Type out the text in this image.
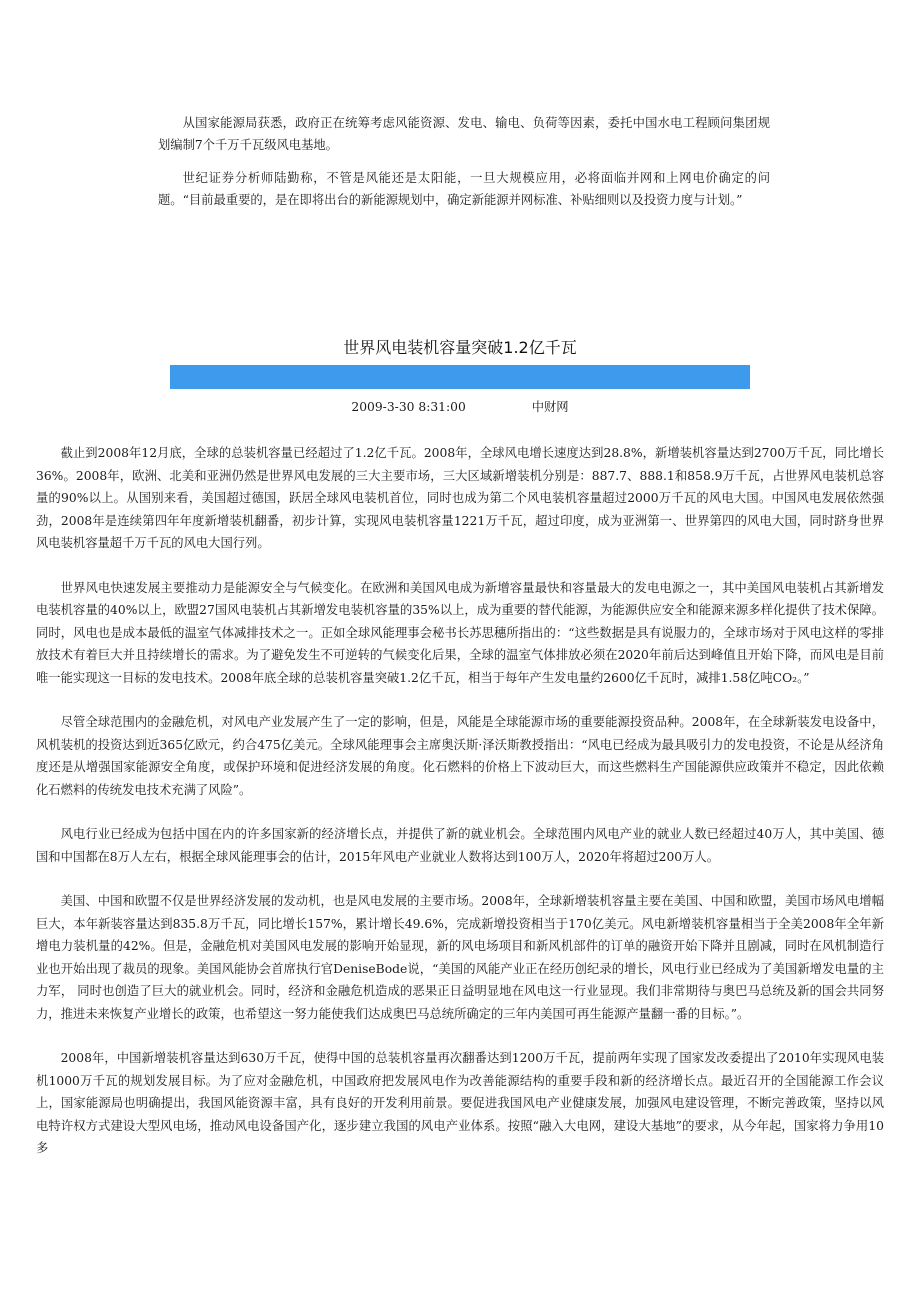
从国家能源局获悉，政府正在统筹考虑风能资源、发电、输电、负荷等因素，委托中国水电工程顾问集团规划编制7个千万千瓦级风电基地。

世纪证券分析师陆勤称，不管是风能还是太阳能，一旦大规模应用，必将面临并网和上网电价确定的问题。“目前最重要的，是在即将出台的新能源规划中，确定新能源并网标准、补贴细则以及投资力度与计划。”

世界风电装机容量突破1.2亿千瓦
2009-3-30 8:31:00	中财网

截止到2008年12月底，全球的总装机容量已经超过了1.2亿千瓦。2008年，全球风电增长速度达到28.8%，新增装机容量达到2700万千瓦，同比增长36%。2008年，欧洲、北美和亚洲仍然是世界风电发展的三大主要市场，三大区域新增装机分别是：887.7、888.1和858.9万千瓦，占世界风电装机总容量的90%以上。从国别来看，美国超过德国，跃居全球风电装机首位，同时也成为第二个风电装机容量超过2000万千瓦的风电大国。中国风电发展依然强劲，2008年是连续第四年年度新增装机翻番，初步计算，实现风电装机容量1221万千瓦，超过印度，成为亚洲第一、世界第四的风电大国，同时跻身世界风电装机容量超千万千瓦的风电大国行列。

世界风电快速发展主要推动力是能源安全与气候变化。在欧洲和美国风电成为新增容量最快和容量最大的发电电源之一，其中美国风电装机占其新增发电装机容量的40%以上，欧盟27国风电装机占其新增发电装机容量的35%以上，成为重要的替代能源，为能源供应安全和能源来源多样化提供了技术保障。同时，风电也是成本最低的温室气体减排技术之一。正如全球风能理事会秘书长苏思穗所指出的：“这些数据是具有说服力的，全球市场对于风电这样的零排放技术有着巨大并且持续增长的需求。为了避免发生不可逆转的气候变化后果，全球的温室气体排放必须在2020年前后达到峰值且开始下降，而风电是目前唯一能实现这一目标的发电技术。2008年底全球的总装机容量突破1.2亿千瓦，相当于每年产生发电量约2600亿千瓦时，减排1.58亿吨CO₂。”

尽管全球范围内的金融危机，对风电产业发展产生了一定的影响，但是，风能是全球能源市场的重要能源投资品种。2008年，在全球新装发电设备中，风机装机的投资达到近365亿欧元，约合475亿美元。全球风能理事会主席奥沃斯·泽沃斯教授指出：“风电已经成为最具吸引力的发电投资，不论是从经济角度还是从增强国家能源安全角度，或保护环境和促进经济发展的角度。化石燃料的价格上下波动巨大，而这些燃料生产国能源供应政策并不稳定，因此依赖化石燃料的传统发电技术充满了风险”。

风电行业已经成为包括中国在内的许多国家新的经济增长点，并提供了新的就业机会。全球范围内风电产业的就业人数已经超过40万人，其中美国、德国和中国都在8万人左右，根据全球风能理事会的估计，2015年风电产业就业人数将达到100万人，2020年将超过200万人。

美国、中国和欧盟不仅是世界经济发展的发动机，也是风电发展的主要市场。2008年，全球新增装机容量主要在美国、中国和欧盟，美国市场风电增幅巨大，本年新装容量达到835.8万千瓦，同比增长157%，累计增长49.6%，完成新增投资相当于170亿美元。风电新增装机容量相当于全美2008年全年新增电力装机量的42%。但是，金融危机对美国风电发展的影响开始显现，新的风电场项目和新风机部件的订单的融资开始下降并且剧减，同时在风机制造行业也开始出现了裁员的现象。美国风能协会首席执行官DeniseBode说，“美国的风能产业正在经历创纪录的增长，风电行业已经成为了美国新增发电量的主力军， 同时也创造了巨大的就业机会。同时，经济和金融危机造成的恶果正日益明显地在风电这一行业显现。我们非常期待与奥巴马总统及新的国会共同努力，推进未来恢复产业增长的政策，也希望这一努力能使我们达成奥巴马总统所确定的三年内美国可再生能源产量翻一番的目标。”。

2008年，中国新增装机容量达到630万千瓦，使得中国的总装机容量再次翻番达到1200万千瓦，提前两年实现了国家发改委提出了2010年实现风电装机1000万千瓦的规划发展目标。为了应对金融危机，中国政府把发展风电作为改善能源结构的重要手段和新的经济增长点。最近召开的全国能源工作会议上，国家能源局也明确提出，我国风能资源丰富，具有良好的开发利用前景。要促进我国风电产业健康发展，加强风电建设管理，不断完善政策，坚持以风电特许权方式建设大型风电场，推动风电设备国产化，逐步建立我国的风电产业体系。按照“融入大电网，建设大基地”的要求，从今年起，国家将力争用10多
